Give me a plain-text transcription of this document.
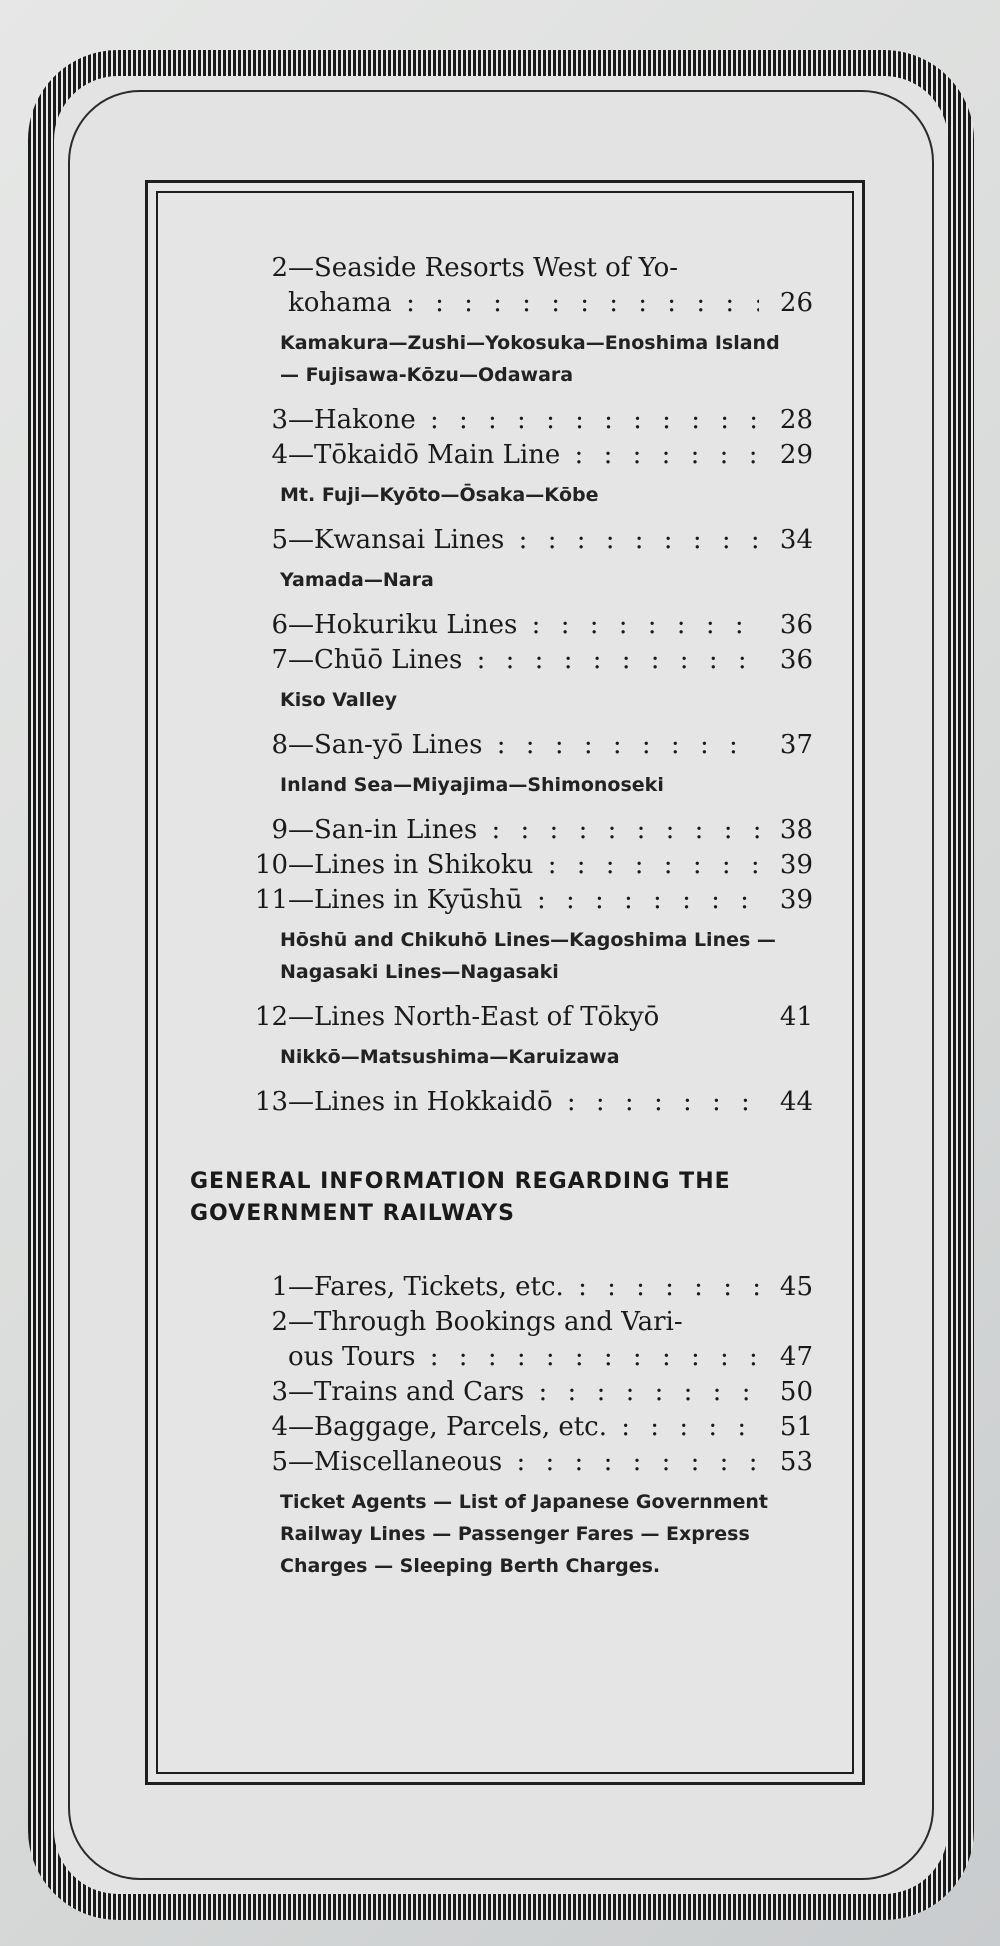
2 —Seaside Resorts West of Yo-
kohama : : : : : : : : : : : : : : : : : : : : : : :	26
Kamakura—Zushi—Yokosuka—Enoshima Island — Fujisawa-Kōzu—Odawara
3 —Hakone : : : : : : : : : : : : : : : : : : : : : : :	28
4 —Tōkaidō Main Line : : : : : : : : : : : : : : : : : : : : : : :	29
Mt. Fuji—Kyōto—Ōsaka—Kōbe
5 —Kwansai Lines : : : : : : : : : : : : : : : : : : : : : : :	34
Yamada—Nara
6 —Hokuriku Lines : : : : : : : : : : : : : : : : : : : : : : :	36
7 —Chūō Lines : : : : : : : : : : : : : : : : : : : : : : :	36
Kiso Valley
8 —San-yō Lines : : : : : : : : : : : : : : : : : : : : : : :	37
Inland Sea—Miyajima—Shimonoseki
9 —San-in Lines : : : : : : : : : : : : : : : : : : : : : : :	38
10 —Lines in Shikoku : : : : : : : : : : : : : : : : : : : : : : :	39
11 —Lines in Kyūshū : : : : : : : : : : : : : : : : : : : : : : :	39
Hōshū and Chikuhō Lines—Kagoshima Lines — Nagasaki Lines—Nagasaki
12 —Lines North-East of Tōkyō	41
Nikkō—Matsushima—Karuizawa
13 —Lines in Hokkaidō : : : : : : : : : : : : : : : : : : : : : : :	44
GENERAL INFORMATION REGARDING THE GOVERNMENT RAILWAYS
1 —Fares, Tickets, etc. : : : : : : : : : : : : : : : : : : : : : : :	45
2 —Through Bookings and Vari-
ous Tours : : : : : : : : : : : : : : : : : : : : : : :	47
3 —Trains and Cars : : : : : : : : : : : : : : : : : : : : : : :	50
4 —Baggage, Parcels, etc. : : : : : : : : : : : : : : : : : : : : : : :	51
5 —Miscellaneous : : : : : : : : : : : : : : : : : : : : : : :	53
Ticket Agents — List of Japanese Government Railway Lines — Passenger Fares — Express Charges — Sleeping Berth Charges.
